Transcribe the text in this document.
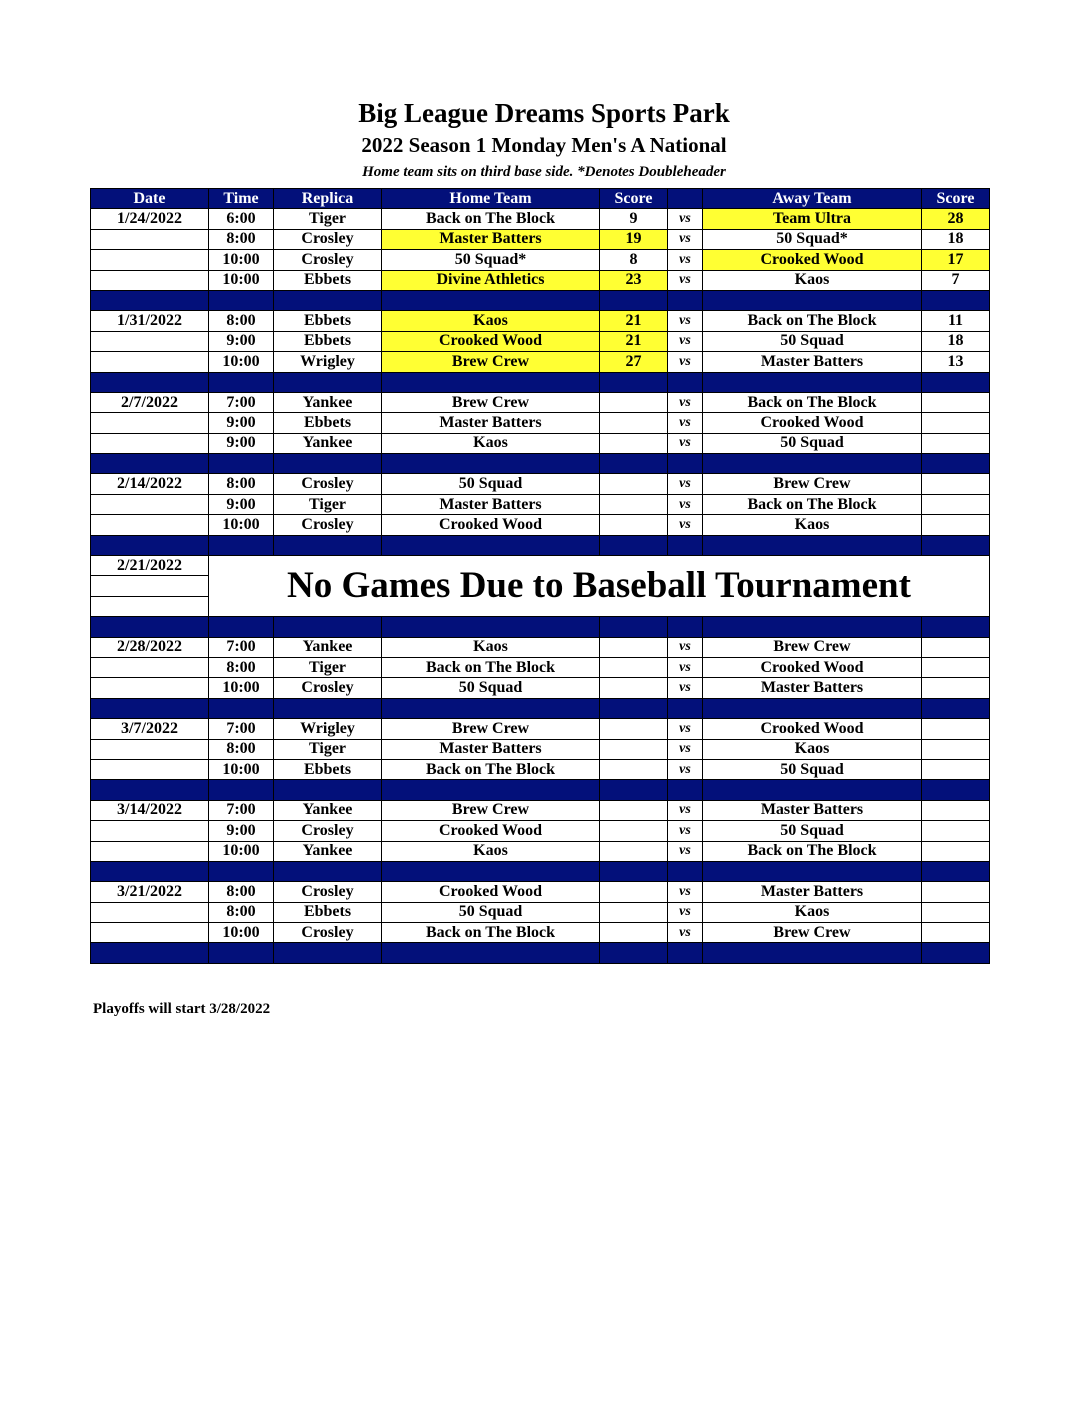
Big League Dreams Sports Park
2022 Season 1 Monday Men's A National
Home team sits on third base side. *Denotes Doubleheader
Date	Time	Replica	Home Team	Score		Away Team	Score
1/24/2022	6:00	Tiger	Back on The Block	9	vs	Team Ultra	28
	8:00	Crosley	Master Batters	19	vs	50 Squad*	18
	10:00	Crosley	50 Squad*	8	vs	Crooked Wood	17
	10:00	Ebbets	Divine Athletics	23	vs	Kaos	7

1/31/2022	8:00	Ebbets	Kaos	21	vs	Back on The Block	11
	9:00	Ebbets	Crooked Wood	21	vs	50 Squad	18
	10:00	Wrigley	Brew Crew	27	vs	Master Batters	13

2/7/2022	7:00	Yankee	Brew Crew		vs	Back on The Block	
	9:00	Ebbets	Master Batters		vs	Crooked Wood	
	9:00	Yankee	Kaos		vs	50 Squad	

2/14/2022	8:00	Crosley	50 Squad		vs	Brew Crew	
	9:00	Tiger	Master Batters		vs	Back on The Block	
	10:00	Crosley	Crooked Wood		vs	Kaos	

2/21/2022	No Games Due to Baseball Tournament						

2/28/2022	7:00	Yankee	Kaos		vs	Brew Crew	
	8:00	Tiger	Back on The Block		vs	Crooked Wood	
	10:00	Crosley	50 Squad		vs	Master Batters	

3/7/2022	7:00	Wrigley	Brew Crew		vs	Crooked Wood	
	8:00	Tiger	Master Batters		vs	Kaos	
	10:00	Ebbets	Back on The Block		vs	50 Squad	

3/14/2022	7:00	Yankee	Brew Crew		vs	Master Batters	
	9:00	Crosley	Crooked Wood		vs	50 Squad	
	10:00	Yankee	Kaos		vs	Back on The Block	

3/21/2022	8:00	Crosley	Crooked Wood		vs	Master Batters	
	8:00	Ebbets	50 Squad		vs	Kaos	
	10:00	Crosley	Back on The Block		vs	Brew Crew	

Playoffs will start 3/28/2022
